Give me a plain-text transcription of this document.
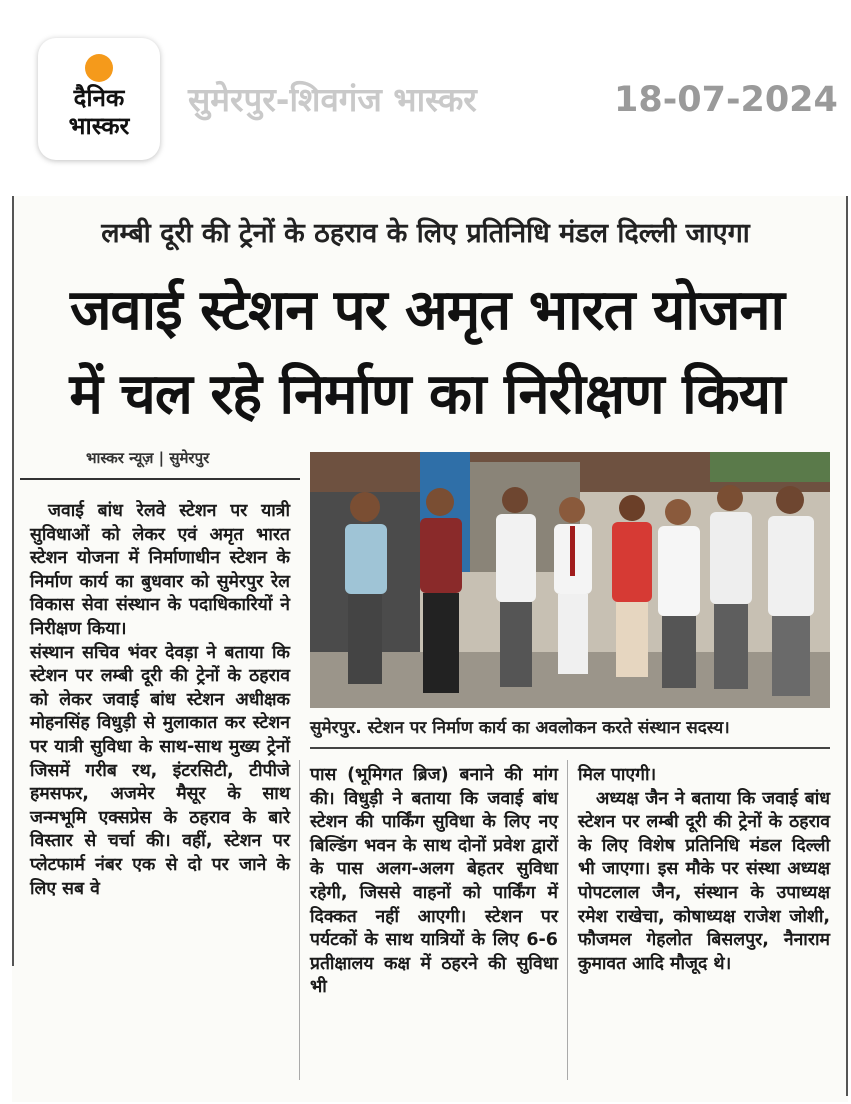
दैनिक
भास्कर
सुमेरपुर-शिवगंज भास्कर	18-07-2024
लम्बी दूरी की ट्रेनों के ठहराव के लिए प्रतिनिधि मंडल दिल्ली जाएगा
जवाई स्टेशन पर अमृत भारत योजना
में चल रहे निर्माण का निरीक्षण किया
भास्कर न्यूज़ | सुमेरपुर
सुमेरपुर. स्टेशन पर निर्माण कार्य का अवलोकन करते संस्थान सदस्य।
जवाई बांध रेलवे स्टेशन पर यात्री सुविधाओं को लेकर एवं अमृत भारत स्टेशन योजना में निर्माणाधीन स्टेशन के निर्माण कार्य का बुधवार को सुमेरपुर रेल विकास सेवा संस्थान के पदाधिकारियों ने निरीक्षण किया।
संस्थान सचिव भंवर देवड़ा ने बताया कि स्टेशन पर लम्बी दूरी की ट्रेनों के ठहराव को लेकर जवाई बांध स्टेशन अधीक्षक मोहनसिंह विधुड़ी से मुलाकात कर स्टेशन पर यात्री सुविधा के साथ-साथ मुख्य ट्रेनों जिसमें गरीब रथ, इंटरसिटी, टीपीजे हमसफर, अजमेर मैसूर के साथ जन्मभूमि एक्सप्रेस के ठहराव के बारे विस्तार से चर्चा की। वहीं, स्टेशन पर प्लेटफार्म नंबर एक से दो पर जाने के लिए सब वे
पास (भूमिगत ब्रिज) बनाने की मांग की। विधुड़ी ने बताया कि जवाई बांध स्टेशन की पार्किंग सुविधा के लिए नए बिल्डिंग भवन के साथ दोनों प्रवेश द्वारों के पास अलग-अलग बेहतर सुविधा रहेगी, जिससे वाहनों को पार्किंग में दिक्कत नहीं आएगी। स्टेशन पर पर्यटकों के साथ यात्रियों के लिए 6-6 प्रतीक्षालय कक्ष में ठहरने की सुविधा भी
मिल पाएगी।
अध्यक्ष जैन ने बताया कि जवाई बांध स्टेशन पर लम्बी दूरी की ट्रेनों के ठहराव के लिए विशेष प्रतिनिधि मंडल दिल्ली भी जाएगा। इस मौके पर संस्था अध्यक्ष पोपटलाल जैन, संस्थान के उपाध्यक्ष रमेश राखेचा, कोषाध्यक्ष राजेश जोशी, फौजमल गेहलोत बिसलपुर, नैनाराम कुमावत आदि मौजूद थे।
